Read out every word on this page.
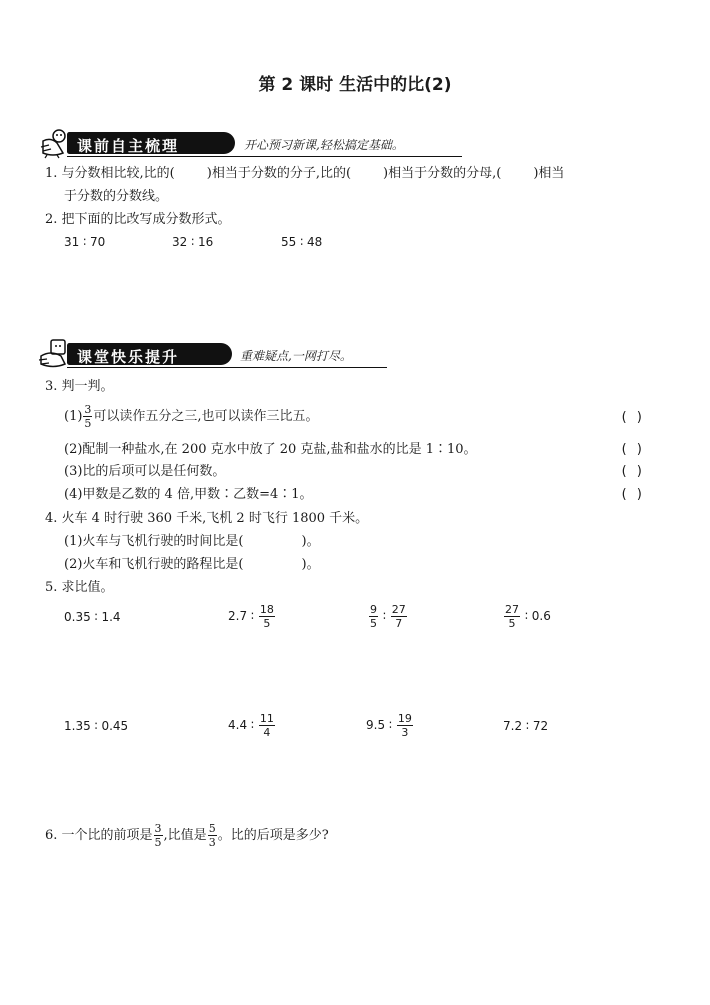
第 2 课时 生活中的比(2)
课前自主梳理	开心预习新课,轻松搞定基础。
1. 与分数相比较,比的( )相当于分数的分子,比的( )相当于分数的分母,( )相当
于分数的分数线。
2. 把下面的比改写成分数形式。
31 ∶ 70	32 ∶ 16	55 ∶ 48
课堂快乐提升	重难疑点,一网打尽。
3. 判一判。
$(1) \frac{3}{5}$ 可以读作五分之三,也可以读作三比五。	( )
(2)配制一种盐水,在 200 克水中放了 20 克盐,盐和盐水的比是 1∶10。	( )
(3)比的后项可以是任何数。	( )
(4)甲数是乙数的 4 倍,甲数∶乙数=4∶1。	( )
4. 火车 4 时行驶 360 千米,飞机 2 时飞行 1800 千米。
(1)火车与飞机行驶的时间比是(	)。
(2)火车和飞机行驶的路程比是(	)。
5. 求比值。
0.35 ∶ 1.4	2.7 ∶ $\frac{18}{5}$	$\frac{9}{5}$ ∶ $\frac{27}{7}$	$\frac{27}{5}$ ∶ 0.6
1.35 ∶ 0.45	4.4 ∶ $\frac{11}{4}$	9.5 ∶ $\frac{19}{3}$	7.2 ∶ 72
6. 一个比的前项是 $\frac{3}{5}$ ,比值是 $\frac{5}{3}$ 。比的后项是多少?
